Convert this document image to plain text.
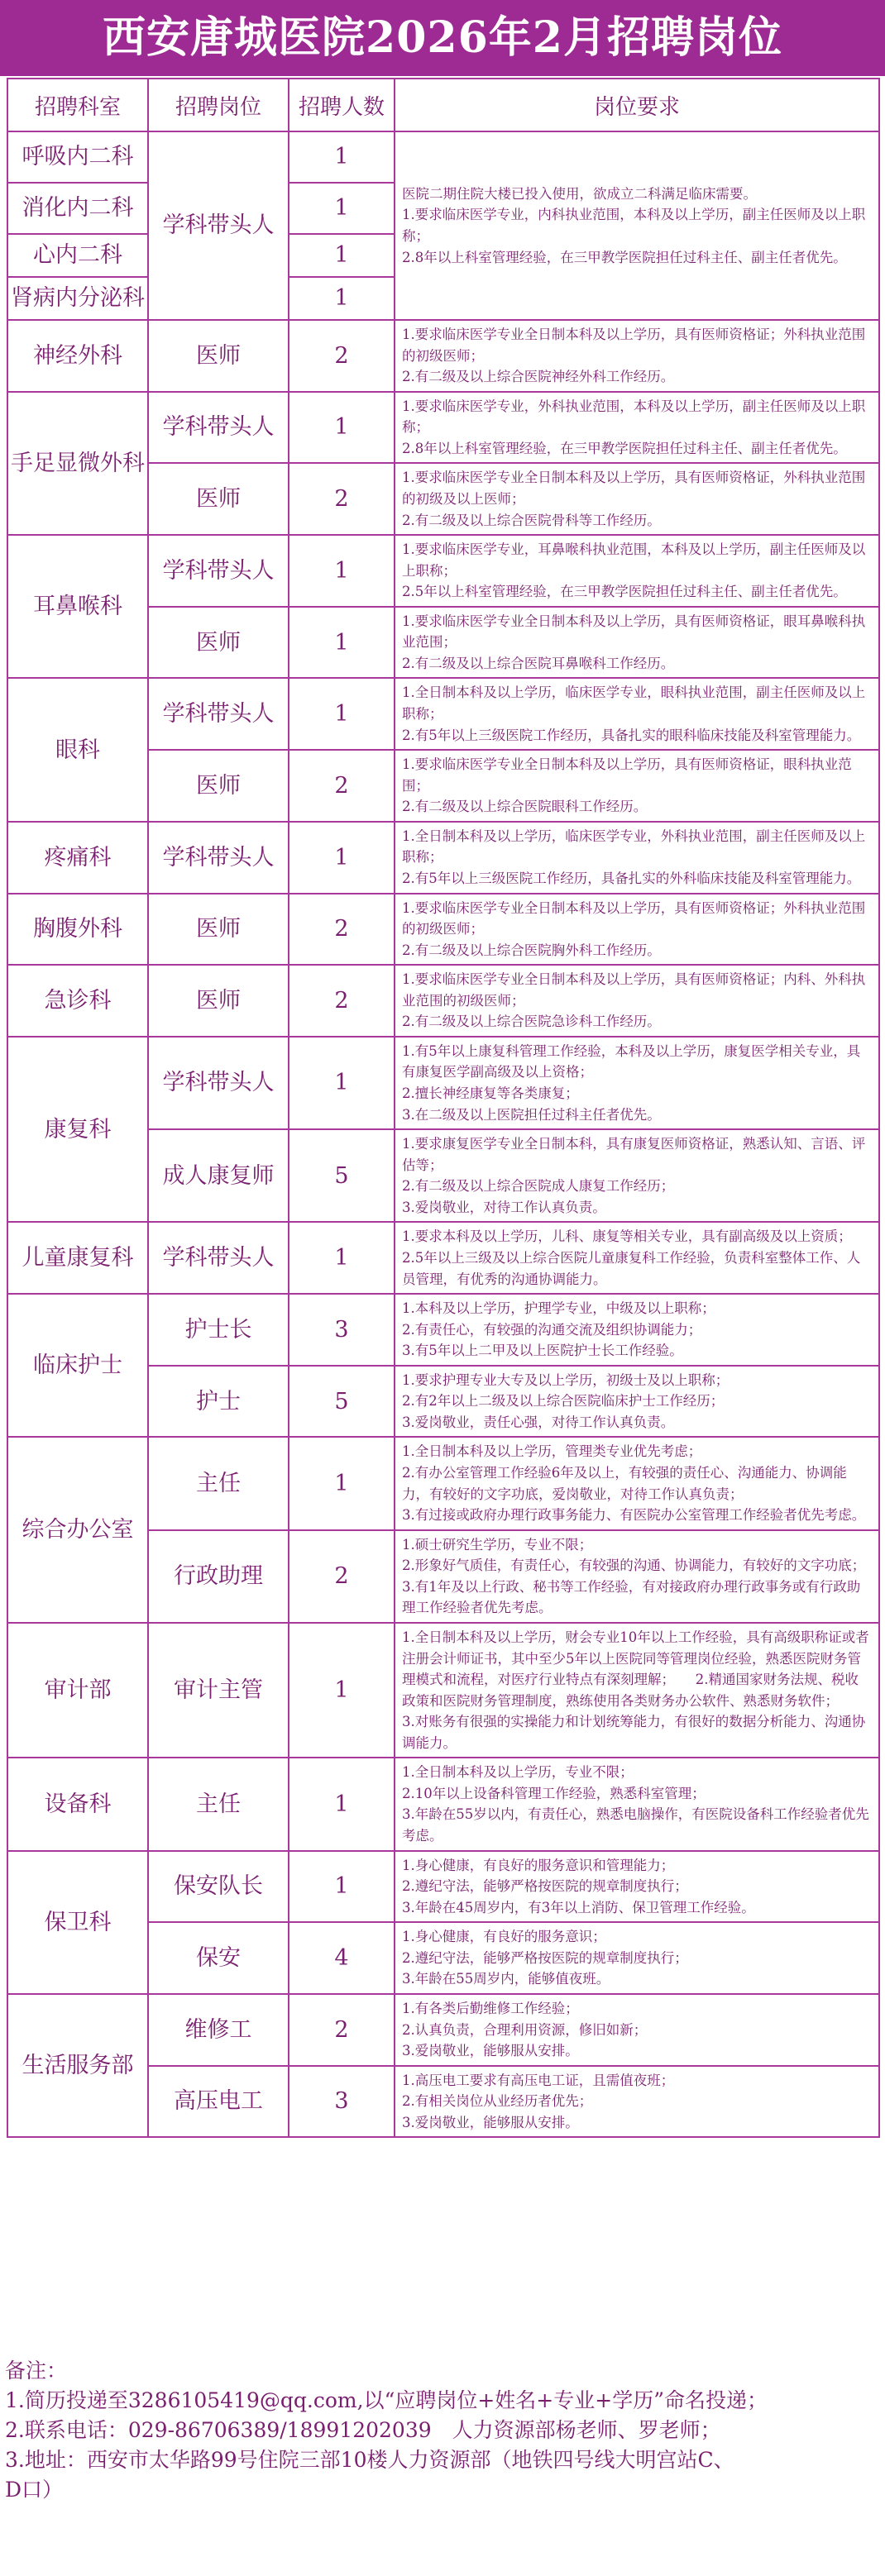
西安唐城医院2026年2月招聘岗位
招聘科室	招聘岗位	招聘人数	岗位要求
呼吸内二科	学科带头人	1	医院二期住院大楼已投入使用，欲成立二科满足临床需要。
1.要求临床医学专业，内科执业范围，本科及以上学历，副主任医师及以上职称；
2.8年以上科室管理经验，在三甲教学医院担任过科主任、副主任者优先。

消化内二科		1	
心内二科		1	
肾病内分泌科		1	
神经外科	医师	2	1.要求临床医学专业全日制本科及以上学历，具有医师资格证；外科执业范围的初级医师；
2.有二级及以上综合医院神经外科工作经历。

手足显微外科	学科带头人	1	1.要求临床医学专业，外科执业范围，本科及以上学历，副主任医师及以上职称；
2.8年以上科室管理经验，在三甲教学医院担任过科主任、副主任者优先。

	医师	2	1.要求临床医学专业全日制本科及以上学历，具有医师资格证，外科执业范围的初级及以上医师；
2.有二级及以上综合医院骨科等工作经历。

耳鼻喉科	学科带头人	1	1.要求临床医学专业，耳鼻喉科执业范围，本科及以上学历，副主任医师及以上职称；
2.5年以上科室管理经验，在三甲教学医院担任过科主任、副主任者优先。

	医师	1	1.要求临床医学专业全日制本科及以上学历，具有医师资格证，眼耳鼻喉科执业范围；
2.有二级及以上综合医院耳鼻喉科工作经历。

眼科	学科带头人	1	1.全日制本科及以上学历，临床医学专业，眼科执业范围，副主任医师及以上职称；
2.有5年以上三级医院工作经历，具备扎实的眼科临床技能及科室管理能力。

	医师	2	1.要求临床医学专业全日制本科及以上学历，具有医师资格证，眼科执业范围；
2.有二级及以上综合医院眼科工作经历。

疼痛科	学科带头人	1	1.全日制本科及以上学历，临床医学专业，外科执业范围，副主任医师及以上职称；
2.有5年以上三级医院工作经历，具备扎实的外科临床技能及科室管理能力。

胸腹外科	医师	2	1.要求临床医学专业全日制本科及以上学历，具有医师资格证；外科执业范围的初级医师；
2.有二级及以上综合医院胸外科工作经历。

急诊科	医师	2	1.要求临床医学专业全日制本科及以上学历，具有医师资格证；内科、外科执业范围的初级医师；
2.有二级及以上综合医院急诊科工作经历。

康复科	学科带头人	1	1.有5年以上康复科管理工作经验，本科及以上学历，康复医学相关专业，具有康复医学副高级及以上资格；
2.擅长神经康复等各类康复；
3.在二级及以上医院担任过科主任者优先。

	成人康复师	5	1.要求康复医学专业全日制本科，具有康复医师资格证，熟悉认知、言语、评估等；
2.有二级及以上综合医院成人康复工作经历；
3.爱岗敬业，对待工作认真负责。

儿童康复科	学科带头人	1	1.要求本科及以上学历，儿科、康复等相关专业，具有副高级及以上资质；
2.5年以上三级及以上综合医院儿童康复科工作经验，负责科室整体工作、人员管理，有优秀的沟通协调能力。

临床护士	护士长	3	1.本科及以上学历，护理学专业，中级及以上职称；
2.有责任心，有较强的沟通交流及组织协调能力；
3.有5年以上二甲及以上医院护士长工作经验。

	护士	5	1.要求护理专业大专及以上学历，初级士及以上职称；
2.有2年以上二级及以上综合医院临床护士工作经历；
3.爱岗敬业，责任心强，对待工作认真负责。

综合办公室	主任	1	1.全日制本科及以上学历，管理类专业优先考虑；
2.有办公室管理工作经验6年及以上，有较强的责任心、沟通能力、协调能力，有较好的文字功底，爱岗敬业，对待工作认真负责；
3.有过接或政府办理行政事务能力、有医院办公室管理工作经验者优先考虑。

	行政助理	2	1.硕士研究生学历，专业不限；
2.形象好气质佳，有责任心，有较强的沟通、协调能力，有较好的文字功底；
3.有1年及以上行政、秘书等工作经验，有对接政府办理行政事务或有行政助理工作经验者优先考虑。

审计部	审计主管	1	1.全日制本科及以上学历，财会专业10年以上工作经验，具有高级职称证或者注册会计师证书，其中至少5年以上医院同等管理岗位经验，熟悉医院财务管理模式和流程，对医疗行业特点有深刻理解；　　2.精通国家财务法规、税收政策和医院财务管理制度，熟练使用各类财务办公软件、熟悉财务软件；
3.对账务有很强的实操能力和计划统筹能力，有很好的数据分析能力、沟通协调能力。

设备科	主任	1	1.全日制本科及以上学历，专业不限；
2.10年以上设备科管理工作经验，熟悉科室管理；
3.年龄在55岁以内，有责任心，熟悉电脑操作，有医院设备科工作经验者优先考虑。

保卫科	保安队长	1	1.身心健康，有良好的服务意识和管理能力；
2.遵纪守法，能够严格按医院的规章制度执行；
3.年龄在45周岁内，有3年以上消防、保卫管理工作经验。

	保安	4	1.身心健康，有良好的服务意识；
2.遵纪守法，能够严格按医院的规章制度执行；
3.年龄在55周岁内，能够值夜班。

生活服务部	维修工	2	1.有各类后勤维修工作经验；
2.认真负责，合理利用资源，修旧如新；
3.爱岗敬业，能够服从安排。

	高压电工	3	1.高压电工要求有高压电工证，且需值夜班；
2.有相关岗位从业经历者优先；
3.爱岗敬业，能够服从安排。
备注：
1.简历投递至3286105419@qq.com,以“应聘岗位+姓名+专业+学历”命名投递；
2.联系电话：029-86706389/18991202039　人力资源部杨老师、罗老师；
3.地址：西安市太华路99号住院三部10楼人力资源部（地铁四号线大明宫站C、
D口）
